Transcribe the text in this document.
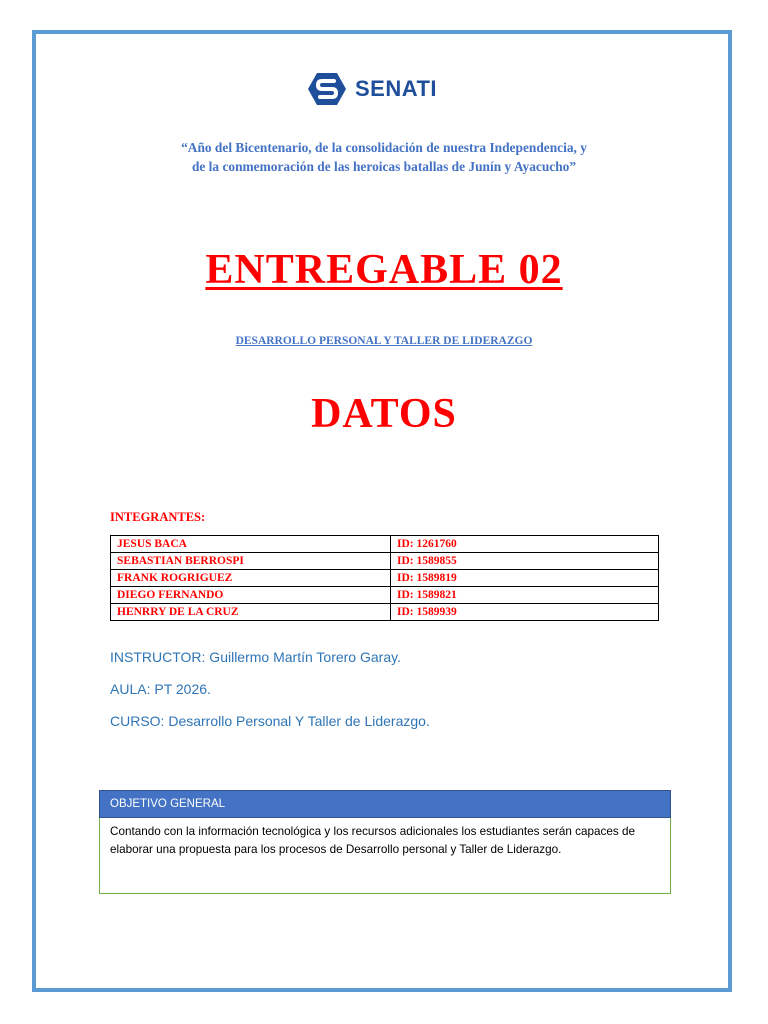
SENATI
“Año del Bicentenario, de la consolidación de nuestra Independencia, y
de la conmemoración de las heroicas batallas de Junín y Ayacucho”
ENTREGABLE 02
DESARROLLO PERSONAL Y TALLER DE LIDERAZGO
DATOS
INTEGRANTES:
JESUS BACA	ID: 1261760
SEBASTIAN BERROSPI	ID: 1589855
FRANK ROGRIGUEZ	ID: 1589819
DIEGO FERNANDO	ID: 1589821
HENRRY DE LA CRUZ	ID: 1589939
INSTRUCTOR: Guillermo Martín Torero Garay.
AULA: PT 2026.
CURSO: Desarrollo Personal Y Taller de Liderazgo.
OBJETIVO GENERAL
Contando con la información tecnológica y los recursos adicionales los estudiantes serán capaces de elaborar una propuesta para los procesos de Desarrollo personal y Taller de Liderazgo.
